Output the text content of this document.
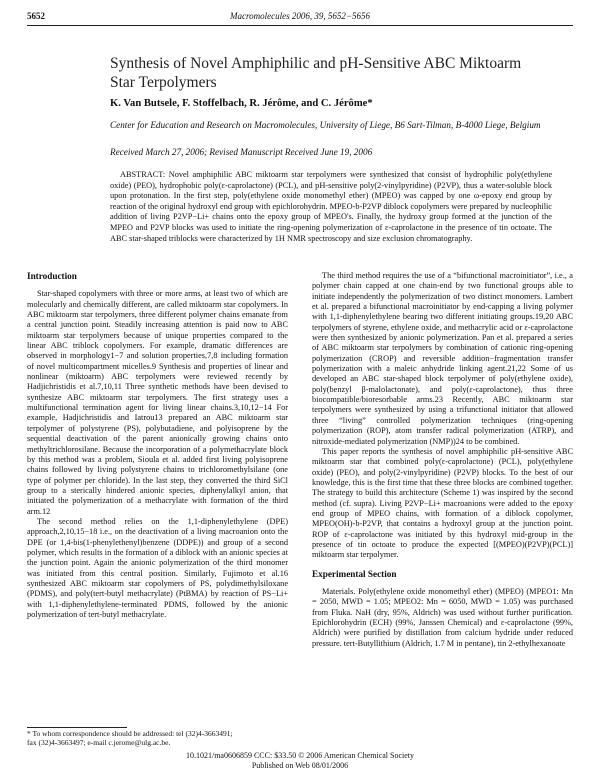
5652	Macromolecules 2006, 39, 5652−5656
Synthesis of Novel Amphiphilic and pH-Sensitive ABC Miktoarm Star Terpolymers
K. Van Butsele, F. Stoffelbach, R. Jérôme, and C. Jérôme*
Center for Education and Research on Macromolecules, University of Liege, B6 Sart-Tilman, B-4000 Liege, Belgium
Received March 27, 2006; Revised Manuscript Received June 19, 2006
ABSTRACT: Novel amphiphilic ABC miktoarm star terpolymers were synthesized that consist of hydrophilic poly(ethylene oxide) (PEO), hydrophobic poly(ε-caprolactone) (PCL), and pH-sensitive poly(2-vinylpyridine) (P2VP), thus a water-soluble block upon protonation. In the first step, poly(ethylene oxide monomethyl ether) (MPEO) was capped by one ω-epoxy end group by reaction of the original hydroxyl end group with epichlorohydrin. MPEO-b-P2VP diblock copolymers were prepared by nucleophilic addition of living P2VP−Li+ chains onto the epoxy group of MPEO's. Finally, the hydroxy group formed at the junction of the MPEO and P2VP blocks was used to initiate the ring-opening polymerization of ε-caprolactone in the presence of tin octoate. The ABC star-shaped triblocks were characterized by 1H NMR spectroscopy and size exclusion chromatography.
Introduction

Star-shaped copolymers with three or more arms, at least two of which are molecularly and chemically different, are called miktoarm star copolymers. In ABC miktoarm star terpolymers, three different polymer chains emanate from a central junction point. Steadily increasing attention is paid now to ABC miktoarm star terpolymers because of unique properties compared to the linear ABC triblock copolymers. For example, dramatic differences are observed in morphology1−7 and solution properties,7,8 including formation of novel multicompartment micelles.9 Synthesis and properties of linear and nonlinear (miktoarm) ABC terpolymers were reviewed recently by Hadjichristidis et al.7,10,11 Three synthetic methods have been devised to synthesize ABC miktoarm star terpolymers. The first strategy uses a multifunctional termination agent for living linear chains.3,10,12−14 For example, Hadjichristidis and Iatrou13 prepared an ABC miktoarm star terpolymer of polystyrene (PS), polybutadiene, and polyisoprene by the sequential deactivation of the parent anionically growing chains onto methyltrichlorosilane. Because the incorporation of a polymethacrylate block by this method was a problem, Sioula et al. added first living polyisoprene chains followed by living polystyrene chains to trichloromethylsilane (one type of polymer per chloride). In the last step, they converted the third SiCl group to a sterically hindered anionic species, diphenylalkyl anion, that initiated the polymerization of a methacrylate with formation of the third arm.12

The second method relies on the 1,1-diphenylethylene (DPE) approach,2,10,15−18 i.e., on the deactivation of a living macroanion onto the DPE (or 1,4-bis(1-phenylethenyl)benzene (DDPE)) and group of a second polymer, which results in the formation of a diblock with an anionic species at the junction point. Again the anionic polymerization of the third monomer was initiated from this central position. Similarly, Fujimoto et al.16 synthesized ABC miktoarm star copolymers of PS, polydimethylsiloxane (PDMS), and poly(tert-butyl methacrylate) (PtBMA) by reaction of PS−Li+ with 1,1-diphenylethylene-terminated PDMS, followed by the anionic polymerization of tert-butyl methacrylate.

The third method requires the use of a “bifunctional macroinitiator”, i.e., a polymer chain capped at one chain-end by two functional groups able to initiate independently the polymerization of two distinct monomers. Lambert et al. prepared a bifunctional macroinitiator by end-capping a living polymer with 1,1-diphenylethylene bearing two different initiating groups.19,20 ABC terpolymers of styrene, ethylene oxide, and methacrylic acid or ε-caprolactone were then synthesized by anionic polymerization. Pan et al. prepared a series of ABC miktoarm star terpolymers by combination of cationic ring-opening polymerization (CROP) and reversible addition−fragmentation transfer polymerization with a maleic anhydride linking agent.21,22 Some of us developed an ABC star-shaped block terpolymer of poly(ethylene oxide), poly(benzyl β-malolactonate), and poly(ε-caprolactone), thus three biocompatible/bioresorbable arms.23 Recently, ABC miktoarm star terpolymers were synthesized by using a trifunctional initiator that allowed three “living” controlled polymerization techniques (ring-opening polymerization (ROP), atom transfer radical polymerization (ATRP), and nitroxide-mediated polymerization (NMP))24 to be combined.

This paper reports the synthesis of novel amphiphilic pH-sensitive ABC miktoarm star that combined poly(ε-caprolactone) (PCL), poly(ethylene oxide) (PEO), and poly(2-vinylpyridine) (P2VP) blocks. To the best of our knowledge, this is the first time that these three blocks are combined together. The strategy to build this architecture (Scheme 1) was inspired by the second method (cf. supra). Living P2VP−Li+ macroanions were added to the epoxy end group of MPEO chains, with formation of a diblock copolymer, MPEO(OH)-b-P2VP, that contains a hydroxyl group at the junction point. ROP of ε-caprolactone was initiated by this hydroxyl mid-group in the presence of tin octoate to produce the expected [(MPEO)(P2VP)(PCL)] miktoarm star terpolymer.

Experimental Section

Materials. Poly(ethylene oxide monomethyl ether) (MPEO) (MPEO1: Mn = 2050, MWD = 1.05; MPEO2: Mn = 6050, MWD = 1.05) was purchased from Fluka. NaH (dry, 95%, Aldrich) was used without further purification. Epichlorohydrin (ECH) (99%, Janssen Chemical) and ε-caprolactone (99%, Aldrich) were purified by distillation from calcium hydride under reduced pressure. tert-Butyllithium (Aldrich, 1.7 M in pentane), tin 2-ethylhexanoate

* To whom correspondence should be addressed: tel (32)4-3663491;

fax (32)4-3663497; e-mail c.jerome@ulg.ac.be.

10.1021/ma0606859 CCC: $33.50 © 2006 American Chemical Society

Published on Web 08/01/2006
